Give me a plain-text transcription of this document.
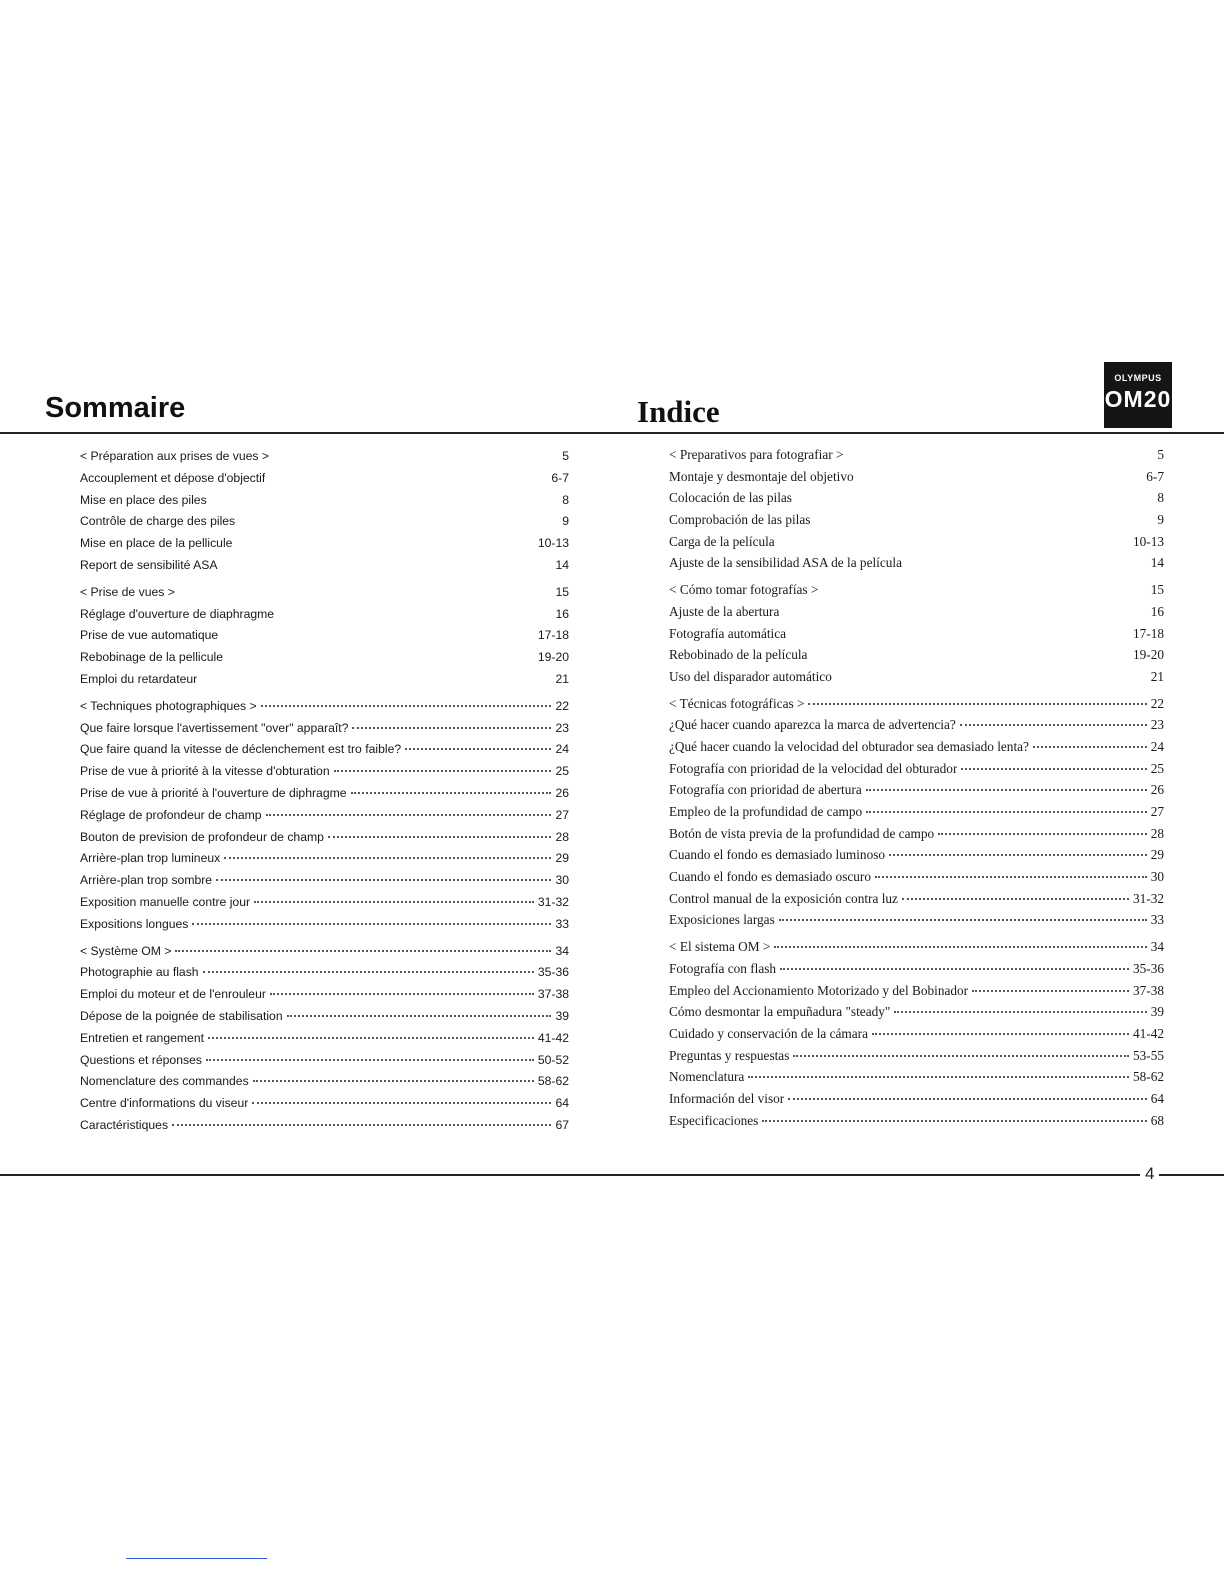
Sommaire	Indice
OLYMPUS
OM20
< Préparation aux prises de vues >	5
Accouplement et dépose d'objectif	6-7
Mise en place des piles	8
Contrôle de charge des piles	9
Mise en place de la pellicule	10-13
Report de sensibilité ASA	14
< Prise de vues >	15
Réglage d'ouverture de diaphragme	16
Prise de vue automatique	17-18
Rebobinage de la pellicule	19-20
Emploi du retardateur	21
< Techniques photographiques >	22
Que faire lorsque l'avertissement "over" apparaît?	23
Que faire quand la vitesse de déclenchement est tro faible?	24
Prise de vue à priorité à la vitesse d'obturation	25
Prise de vue à priorité à l'ouverture de diphragme	26
Réglage de profondeur de champ	27
Bouton de prevision de profondeur de champ	28
Arrière-plan trop lumineux	29
Arrière-plan trop sombre	30
Exposition manuelle contre jour	31-32
Expositions longues	33
< Système OM >	34
Photographie au flash	35-36
Emploi du moteur et de l'enrouleur	37-38
Dépose de la poignée de stabilisation	39
Entretien et rangement	41-42
Questions et réponses	50-52
Nomenclature des commandes	58-62
Centre d'informations du viseur	64
Caractéristiques	67
< Preparativos para fotografiar >	5
Montaje y desmontaje del objetivo	6-7
Colocación de las pilas	8
Comprobación de las pilas	9
Carga de la película	10-13
Ajuste de la sensibilidad ASA de la película	14
< Cómo tomar fotografías >	15
Ajuste de la abertura	16
Fotografía automática	17-18
Rebobinado de la película	19-20
Uso del disparador automático	21
< Técnicas fotográficas >	22
¿Qué hacer cuando aparezca la marca de advertencia?	23
¿Qué hacer cuando la velocidad del obturador sea demasiado lenta?	24
Fotografía con prioridad de la velocidad del obturador	25
Fotografía con prioridad de abertura	26
Empleo de la profundidad de campo	27
Botón de vista previa de la profundidad de campo	28
Cuando el fondo es demasiado luminoso	29
Cuando el fondo es demasiado oscuro	30
Control manual de la exposición contra luz	31-32
Exposiciones largas	33
< El sistema OM >	34
Fotografía con flash	35-36
Empleo del Accionamiento Motorizado y del Bobinador	37-38
Cómo desmontar la empuñadura "steady"	39
Cuidado y conservación de la cámara	41-42
Preguntas y respuestas	53-55
Nomenclatura	58-62
Información del visor	64
Especificaciones	68
4
